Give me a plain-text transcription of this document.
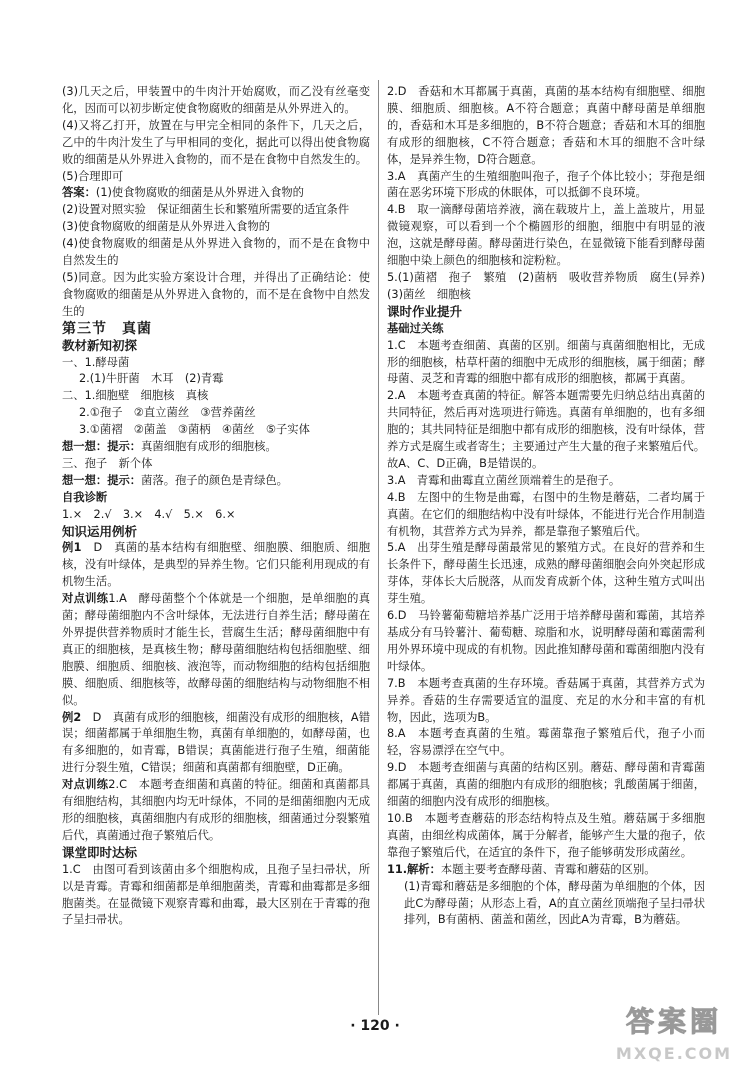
(3)几天之后，甲装置中的牛肉汁开始腐败，而乙没有丝毫变化，因而可以初步断定使食物腐败的细菌是从外界进入的。

(4)又将乙打开，放置在与甲完全相同的条件下，几天之后，乙中的牛肉汁发生了与甲相同的变化，据此可以得出使食物腐败的细菌是从外界进入食物的，而不是在食物中自然发生的。

(5)合理即可

答案：(1)使食物腐败的细菌是从外界进入食物的

(2)设置对照实验　保证细菌生长和繁殖所需要的适宜条件

(3)使食物腐败的细菌是从外界进入食物的

(4)使食物腐败的细菌是从外界进入食物的，而不是在食物中自然发生的

(5)同意。因为此实验方案设计合理，并得出了正确结论：使食物腐败的细菌是从外界进入食物的，而不是在食物中自然发生的

第三节　真菌

教材新知初探

一、1.酵母菌

2.(1)牛肝菌　木耳　(2)青霉

二、1.细胞壁　细胞核　真核

2.①孢子　②直立菌丝　③营养菌丝

3.①菌褶　②菌盖　③菌柄　④菌丝　⑤子实体

想一想：提示：真菌细胞有成形的细胞核。

三、孢子　新个体

想一想：提示：菌落。孢子的颜色是青绿色。

自我诊断

1.×　2.√　3.×　4.√　5.×　6.×

知识运用例析

例1　D　真菌的基本结构有细胞壁、细胞膜、细胞质、细胞核，没有叶绿体，是典型的异养生物。它们只能利用现成的有机物生活。

对点训练1.A　酵母菌整个个体就是一个细胞，是单细胞的真菌；酵母菌细胞内不含叶绿体，无法进行自养生活；酵母菌在外界提供营养物质时才能生长，营腐生生活；酵母菌细胞中有真正的细胞核，是真核生物；酵母菌细胞结构包括细胞壁、细胞膜、细胞质、细胞核、液泡等，而动物细胞的结构包括细胞膜、细胞质、细胞核等，故酵母菌的细胞结构与动物细胞不相似。

例2　D　真菌有成形的细胞核，细菌没有成形的细胞核，A错误；细菌都属于单细胞生物，真菌有单细胞的，如酵母菌，也有多细胞的，如青霉，B错误；真菌能进行孢子生殖，细菌能进行分裂生殖，C错误；细菌和真菌都有细胞壁，D正确。

对点训练2.C　本题考查细菌和真菌的特征。细菌和真菌都具有细胞结构，其细胞内均无叶绿体，不同的是细菌细胞内无成形的细胞核，真菌细胞内有成形的细胞核，细菌通过分裂繁殖后代，真菌通过孢子繁殖后代。

课堂即时达标

1.C　由图可看到该菌由多个细胞构成，且孢子呈扫帚状，所以是青霉。青霉和细菌都是单细胞菌类，青霉和曲霉都是多细胞菌类。在显微镜下观察青霉和曲霉，最大区别在于青霉的孢子呈扫帚状。

2.D　香菇和木耳都属于真菌，真菌的基本结构有细胞壁、细胞膜、细胞质、细胞核。A不符合题意；真菌中酵母菌是单细胞的，香菇和木耳是多细胞的，B不符合题意；香菇和木耳的细胞有成形的细胞核，C不符合题意；香菇和木耳的细胞不含叶绿体，是异养生物，D符合题意。

3.A　真菌产生的生殖细胞叫孢子，孢子个体比较小；芽孢是细菌在恶劣环境下形成的休眠体，可以抵御不良环境。

4.B　取一滴酵母菌培养液，滴在载玻片上，盖上盖玻片，用显微镜观察，可以看到一个个椭圆形的细胞，细胞中有明显的液泡，这就是酵母菌。酵母菌进行染色，在显微镜下能看到酵母菌细胞中染上颜色的细胞核和淀粉粒。

5.(1)菌褶　孢子　繁殖　(2)菌柄　吸收营养物质　腐生(异养)　(3)菌丝　细胞核

课时作业提升

基础过关练

1.C　本题考查细菌、真菌的区别。细菌与真菌细胞相比，无成形的细胞核，枯草杆菌的细胞中无成形的细胞核，属于细菌；酵母菌、灵芝和青霉的细胞中都有成形的细胞核，都属于真菌。

2.A　本题考查真菌的特征。解答本题需要先归纳总结出真菌的共同特征，然后再对选项进行筛选。真菌有单细胞的，也有多细胞的；其共同特征是细胞中都有成形的细胞核，没有叶绿体，营养方式是腐生或者寄生；主要通过产生大量的孢子来繁殖后代。故A、C、D正确，B是错误的。

3.A　青霉和曲霉直立菌丝顶端着生的是孢子。

4.B　左图中的生物是曲霉，右图中的生物是蘑菇，二者均属于真菌。在它们的细胞结构中没有叶绿体，不能进行光合作用制造有机物，其营养方式为异养，都是靠孢子繁殖后代。

5.A　出芽生殖是酵母菌最常见的繁殖方式。在良好的营养和生长条件下，酵母菌生长迅速，成熟的酵母菌细胞会向外突起形成芽体，芽体长大后脱落，从而发育成新个体，这种生殖方式叫出芽生殖。

6.D　马铃薯葡萄糖培养基广泛用于培养酵母菌和霉菌，其培养基成分有马铃薯汁、葡萄糖、琼脂和水，说明酵母菌和霉菌需利用外界环境中现成的有机物。因此推知酵母菌和霉菌细胞内没有叶绿体。

7.B　本题考查真菌的生存环境。香菇属于真菌，其营养方式为异养。香菇的生存需要适宜的温度、充足的水分和丰富的有机物，因此，选项为B。

8.A　本题考查真菌的生殖。霉菌靠孢子繁殖后代，孢子小而轻，容易漂浮在空气中。

9.D　本题考查细菌与真菌的结构区别。蘑菇、酵母菌和青霉菌都属于真菌，真菌的细胞内有成形的细胞核；乳酸菌属于细菌，细菌的细胞内没有成形的细胞核。

10.B　本题考查蘑菇的形态结构特点及生殖。蘑菇属于多细胞真菌，由细丝构成菌体，属于分解者，能够产生大量的孢子，依靠孢子繁殖后代，在适宜的条件下，孢子能够萌发形成菌丝。

11.解析：本题主要考查酵母菌、青霉和蘑菇的区别。

(1)青霉和蘑菇是多细胞的个体，酵母菌为单细胞的个体，因此C为酵母菌；从形态上看，A的直立菌丝顶端孢子呈扫帚状排列，B有菌柄、菌盖和菌丝，因此A为青霉，B为蘑菇。

· 120 ·	答案圈
MXQE.COM
